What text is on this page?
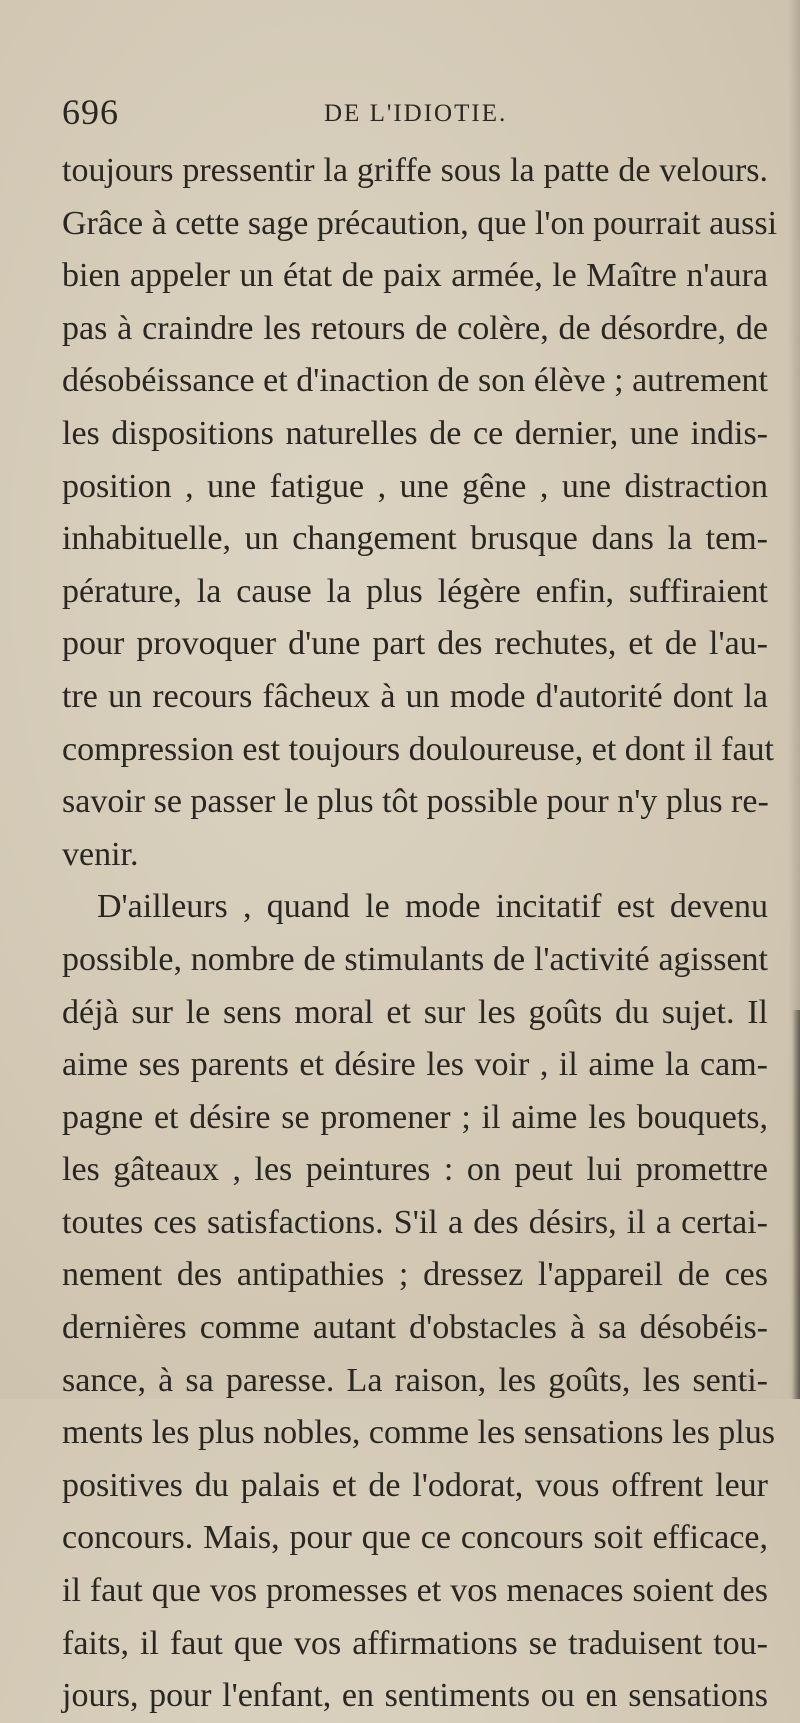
696	DE L'IDIOTIE.
toujours pressentir la griffe sous la patte de velours.
Grâce à cette sage précaution, que l'on pourrait aussi
bien appeler un état de paix armée, le Maître n'aura
pas à craindre les retours de colère, de désordre, de
désobéissance et d'inaction de son élève ; autrement
les dispositions naturelles de ce dernier, une indis-
position , une fatigue , une gêne , une distraction
inhabituelle, un changement brusque dans la tem-
pérature, la cause la plus légère enfin, suffiraient
pour provoquer d'une part des rechutes, et de l'au-
tre un recours fâcheux à un mode d'autorité dont la
compression est toujours douloureuse, et dont il faut
savoir se passer le plus tôt possible pour n'y plus re-
venir.
D'ailleurs , quand le mode incitatif est devenu
possible, nombre de stimulants de l'activité agissent
déjà sur le sens moral et sur les goûts du sujet. Il
aime ses parents et désire les voir , il aime la cam-
pagne et désire se promener ; il aime les bouquets,
les gâteaux , les peintures : on peut lui promettre
toutes ces satisfactions. S'il a des désirs, il a certai-
nement des antipathies ; dressez l'appareil de ces
dernières comme autant d'obstacles à sa désobéis-
sance, à sa paresse. La raison, les goûts, les senti-
ments les plus nobles, comme les sensations les plus
positives du palais et de l'odorat, vous offrent leur
concours. Mais, pour que ce concours soit efficace,
il faut que vos promesses et vos menaces soient des
faits, il faut que vos affirmations se traduisent tou-
jours, pour l'enfant, en sentiments ou en sensations
